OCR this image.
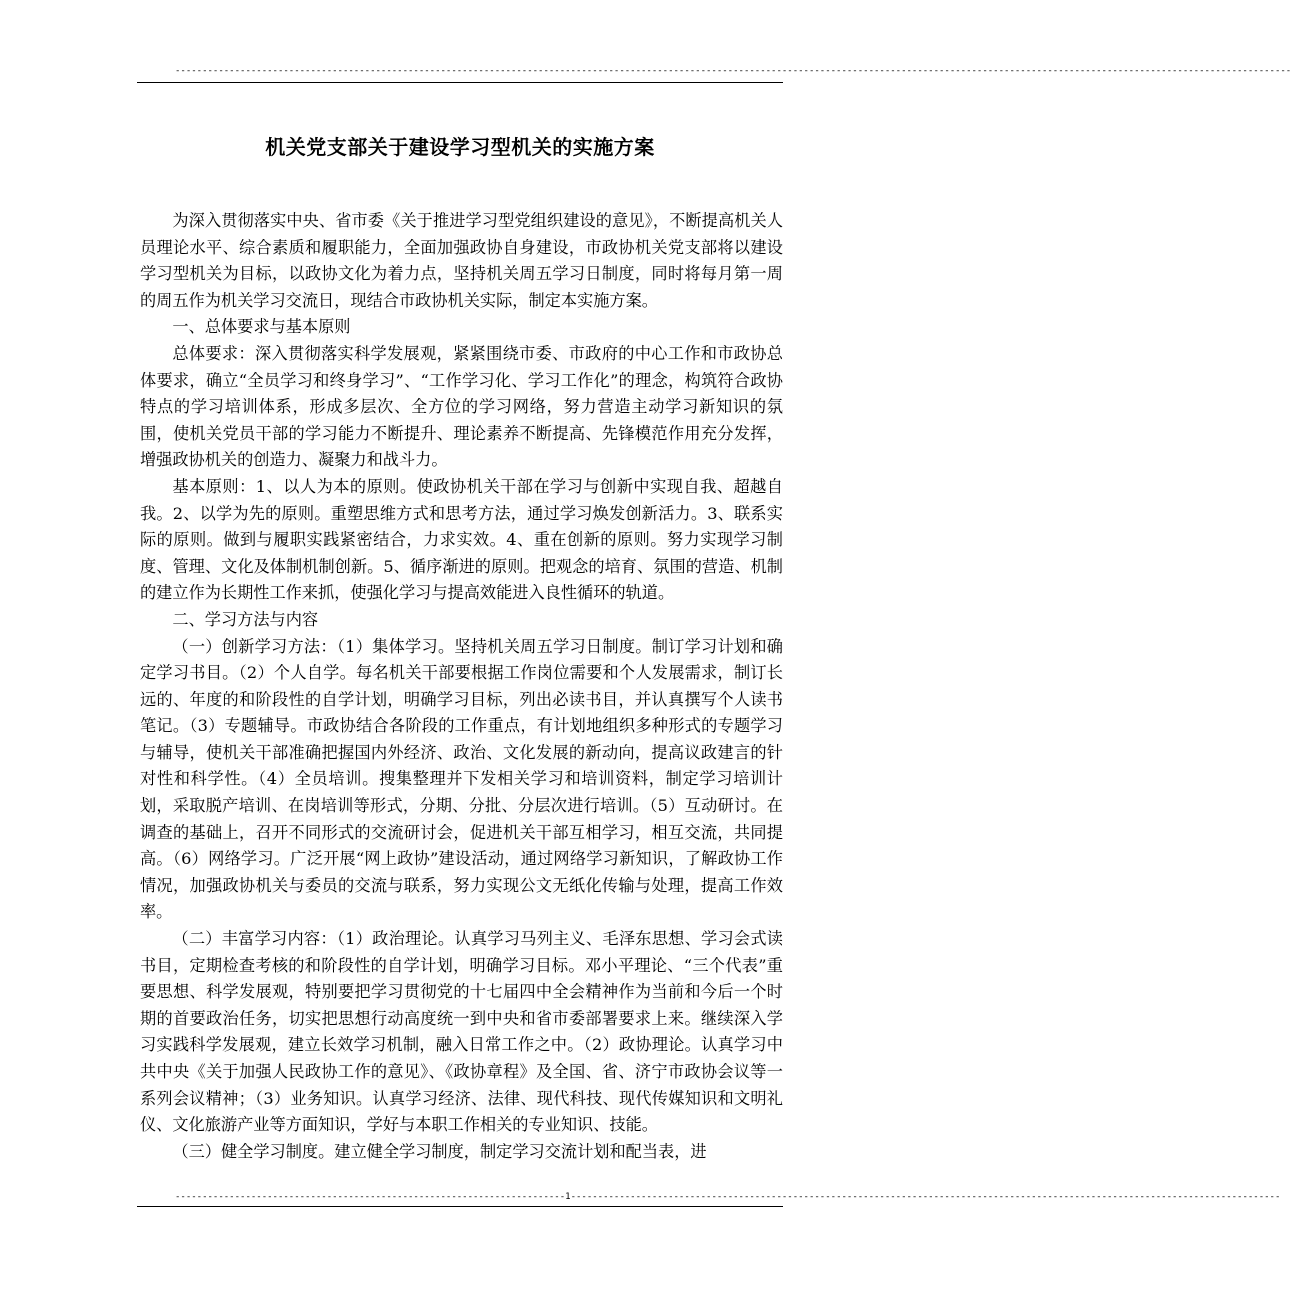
--------------------------------------------------------------------------------------------------------------------------------------------------------------------------------------------------------------
机关党支部关于建设学习型机关的实施方案

为深入贯彻落实中央、省市委《关于推进学习型党组织建设的意见》，不断提高机关人员理论水平、综合素质和履职能力，全面加强政协自身建设，市政协机关党支部将以建设学习型机关为目标，以政协文化为着力点，坚持机关周五学习日制度，同时将每月第一周的周五作为机关学习交流日，现结合市政协机关实际，制定本实施方案。

一、总体要求与基本原则

总体要求：深入贯彻落实科学发展观，紧紧围绕市委、市政府的中心工作和市政协总体要求，确立“全员学习和终身学习”、“工作学习化、学习工作化”的理念，构筑符合政协特点的学习培训体系，形成多层次、全方位的学习网络，努力营造主动学习新知识的氛围，使机关党员干部的学习能力不断提升、理论素养不断提高、先锋模范作用充分发挥，增强政协机关的创造力、凝聚力和战斗力。

基本原则：1、以人为本的原则。使政协机关干部在学习与创新中实现自我、超越自我。2、以学为先的原则。重塑思维方式和思考方法，通过学习焕发创新活力。3、联系实际的原则。做到与履职实践紧密结合，力求实效。4、重在创新的原则。努力实现学习制度、管理、文化及体制机制创新。5、循序渐进的原则。把观念的培育、氛围的营造、机制的建立作为长期性工作来抓，使强化学习与提高效能进入良性循环的轨道。

二、学习方法与内容

（一）创新学习方法：（1）集体学习。坚持机关周五学习日制度。制订学习计划和确定学习书目。（2）个人自学。每名机关干部要根据工作岗位需要和个人发展需求，制订长远的、年度的和阶段性的自学计划，明确学习目标，列出必读书目，并认真撰写个人读书笔记。（3）专题辅导。市政协结合各阶段的工作重点，有计划地组织多种形式的专题学习与辅导，使机关干部准确把握国内外经济、政治、文化发展的新动向，提高议政建言的针对性和科学性。（4）全员培训。搜集整理并下发相关学习和培训资料，制定学习培训计划，采取脱产培训、在岗培训等形式，分期、分批、分层次进行培训。（5）互动研讨。在调查的基础上，召开不同形式的交流研讨会，促进机关干部互相学习，相互交流，共同提高。（6）网络学习。广泛开展“网上政协”建设活动，通过网络学习新知识，了解政协工作情况，加强政协机关与委员的交流与联系，努力实现公文无纸化传输与处理，提高工作效率。

（二）丰富学习内容：（1）政治理论。认真学习马列主义、毛泽东思想、学习会式读书目，定期检查考核的和阶段性的自学计划，明确学习目标。邓小平理论、“三个代表”重要思想、科学发展观，特别要把学习贯彻党的十七届四中全会精神作为当前和今后一个时期的首要政治任务，切实把思想行动高度统一到中央和省市委部署要求上来。继续深入学习实践科学发展观，建立长效学习机制，融入日常工作之中。（2）政协理论。认真学习中共中央《关于加强人民政协工作的意见》、《政协章程》及全国、省、济宁市政协会议等一系列会议精神；（3）业务知识。认真学习经济、法律、现代科技、现代传媒知识和文明礼仪、文化旅游产业等方面知识，学好与本职工作相关的专业知识、技能。

（三）健全学习制度。建立健全学习制度，制定学习交流计划和配当表，进

------------------------------------------------------------------------1-----------------------------------------------------------------------------------------------------------------------------------
